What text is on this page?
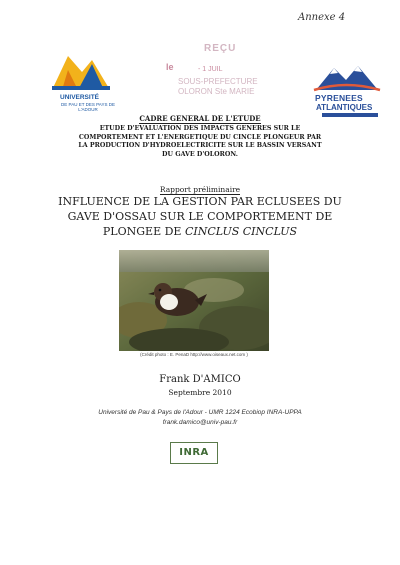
Annexe 4
UNIVERSITÉ
DE PAU ET DES PAYS DE L'ADOUR
REÇU
le	- 1 JUIL
SOUS-PREFECTURE
OLORON Ste MARIE
PYRENEES
ATLANTIQUES
CADRE GENERAL DE L'ETUDE
ETUDE D'EVALUATION DES IMPACTS GENERES SUR LE
COMPORTEMENT ET L'ENERGETIQUE DU CINCLE PLONGEUR PAR
LA PRODUCTION D'HYDROELECTRICITE SUR LE BASSIN VERSANT
DU GAVE D'OLORON.
Rapport préliminaire
INFLUENCE DE LA GESTION PAR ECLUSEES DU
GAVE D'OSSAU SUR LE COMPORTEMENT DE
PLONGEE DE CINCLUS CINCLUS
(Crédit photo : E. PenaD http://www.oiseaux.net.com )
Frank D'AMICO
Septembre 2010
Université de Pau & Pays de l'Adour - UMR 1224 Ecobiop INRA-UPPA
frank.damico@univ-pau.fr
INRA
